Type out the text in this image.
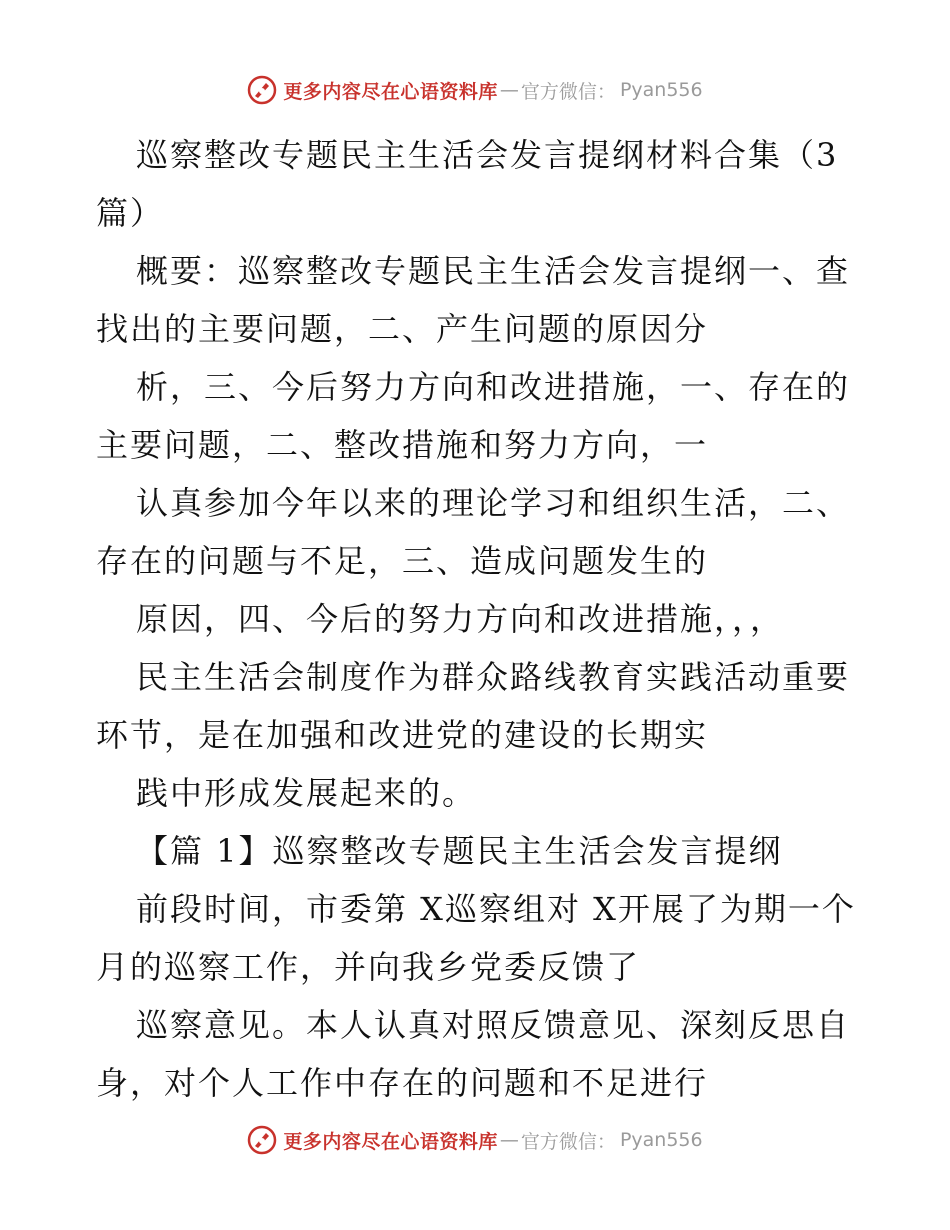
更多内容尽在心语资料库 — 官方微信： Pyan556

巡察整改专题民主生活会发言提纲材料合集（3篇）

概要：巡察整改专题民主生活会发言提纲一、查找出的主要问题，二、产生问题的原因分

析，三、今后努力方向和改进措施，一、存在的主要问题，二、整改措施和努力方向，一

认真参加今年以来的理论学习和组织生活，二、存在的问题与不足，三、造成问题发生的

原因，四、今后的努力方向和改进措施，，，

民主生活会制度作为群众路线教育实践活动重要环节，是在加强和改进党的建设的长期实

践中形成发展起来的。

【篇 1】巡察整改专题民主生活会发言提纲

前段时间，市委第 X巡察组对 X开展了为期一个月的巡察工作，并向我乡党委反馈了

巡察意见。本人认真对照反馈意见、深刻反思自身，对个人工作中存在的问题和不足进行

更多内容尽在心语资料库 — 官方微信： Pyan556
